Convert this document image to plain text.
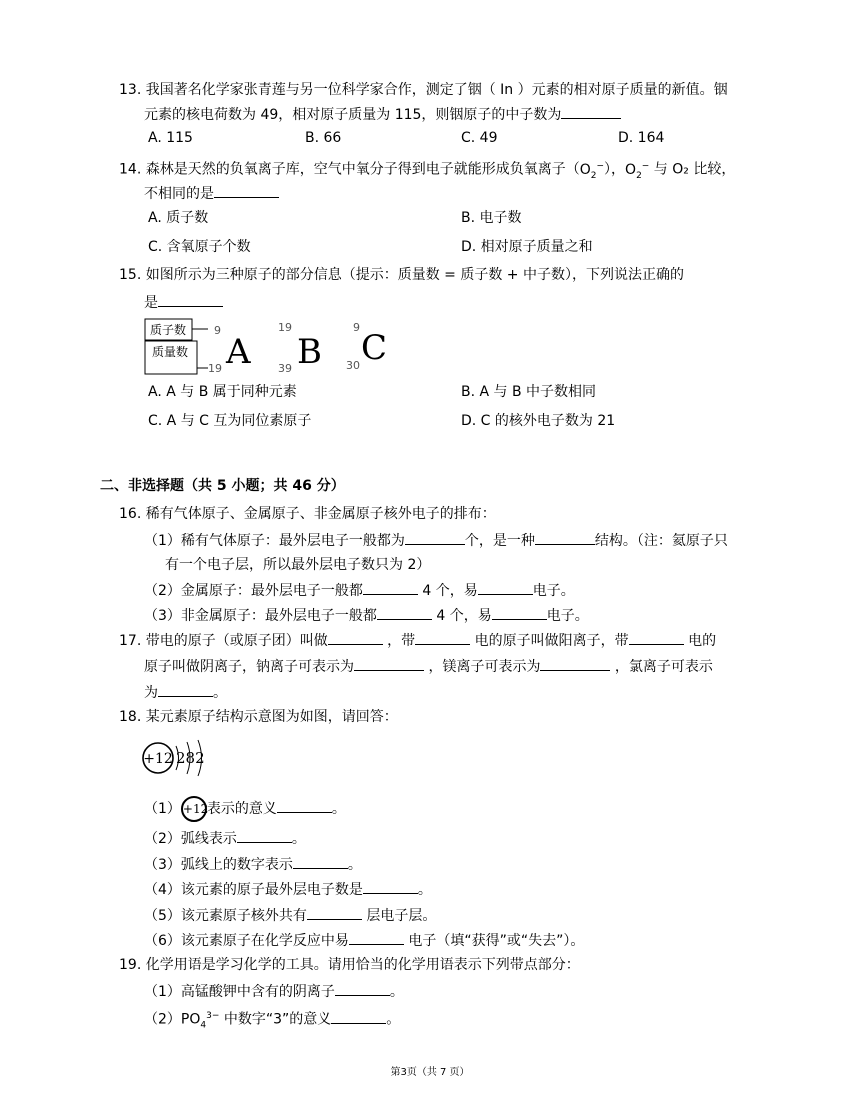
13. 我国著名化学家张青莲与另一位科学家合作，测定了铟（ In ）元素的相对原子质量的新值。铟
元素的核电荷数为 49，相对原子质量为 115，则铟原子的中子数为
A. 115	B. 66	C. 49	D. 164
14. 森林是天然的负氧离子库，空气中氧分子得到电子就能形成负氧离子$(O_2^-)$，$O_2^-$ 与 O₂ 比较，
不相同的是
A. 质子数	B. 电子数
C. 含氧原子个数	D. 相对原子质量之和
15. 如图所示为三种原子的部分信息（提示：质量数 = 质子数 + 中子数），下列说法正确的
是
质子数
质量数
9
19 A
19
39 B
9
30 C
A. A 与 B 属于同种元素	B. A 与 B 中子数相同
C. A 与 C 互为同位素原子	D. C 的核外电子数为 21
二、非选择题（共 5 小题；共 46 分）
16. 稀有气体原子、金属原子、非金属原子核外电子的排布：
（1）稀有气体原子：最外层电子一般都为	个，是一种	结构。（注：氦原子只
有一个电子层，所以最外层电子数只为 2）
（2）金属原子：最外层电子一般都	4 个，易	电子。
（3）非金属原子：最外层电子一般都	4 个，易	电子。
17. 带电的原子（或原子团）叫做	，带	电的原子叫做阳离子，带	电的
原子叫做阴离子，钠离子可表示为	，镁离子可表示为	，氯离子可表示
为	。
18. 某元素原子结构示意图为如图，请回答：
+12 282
（1） +12表示的意义	。
（2）弧线表示	。
（3）弧线上的数字表示	。
（4）该元素的原子最外层电子数是	。
（5）该元素原子核外共有	层电子层。
（6）该元素原子在化学反应中易	电子（填“获得”或“失去”）。
19. 化学用语是学习化学的工具。请用恰当的化学用语表示下列带点部分：
（1）高锰酸钾中含有的阴离子	。
$(2)PO_4^{3-}$ 中数字“3”的意义	。
第3页（共 7 页）
